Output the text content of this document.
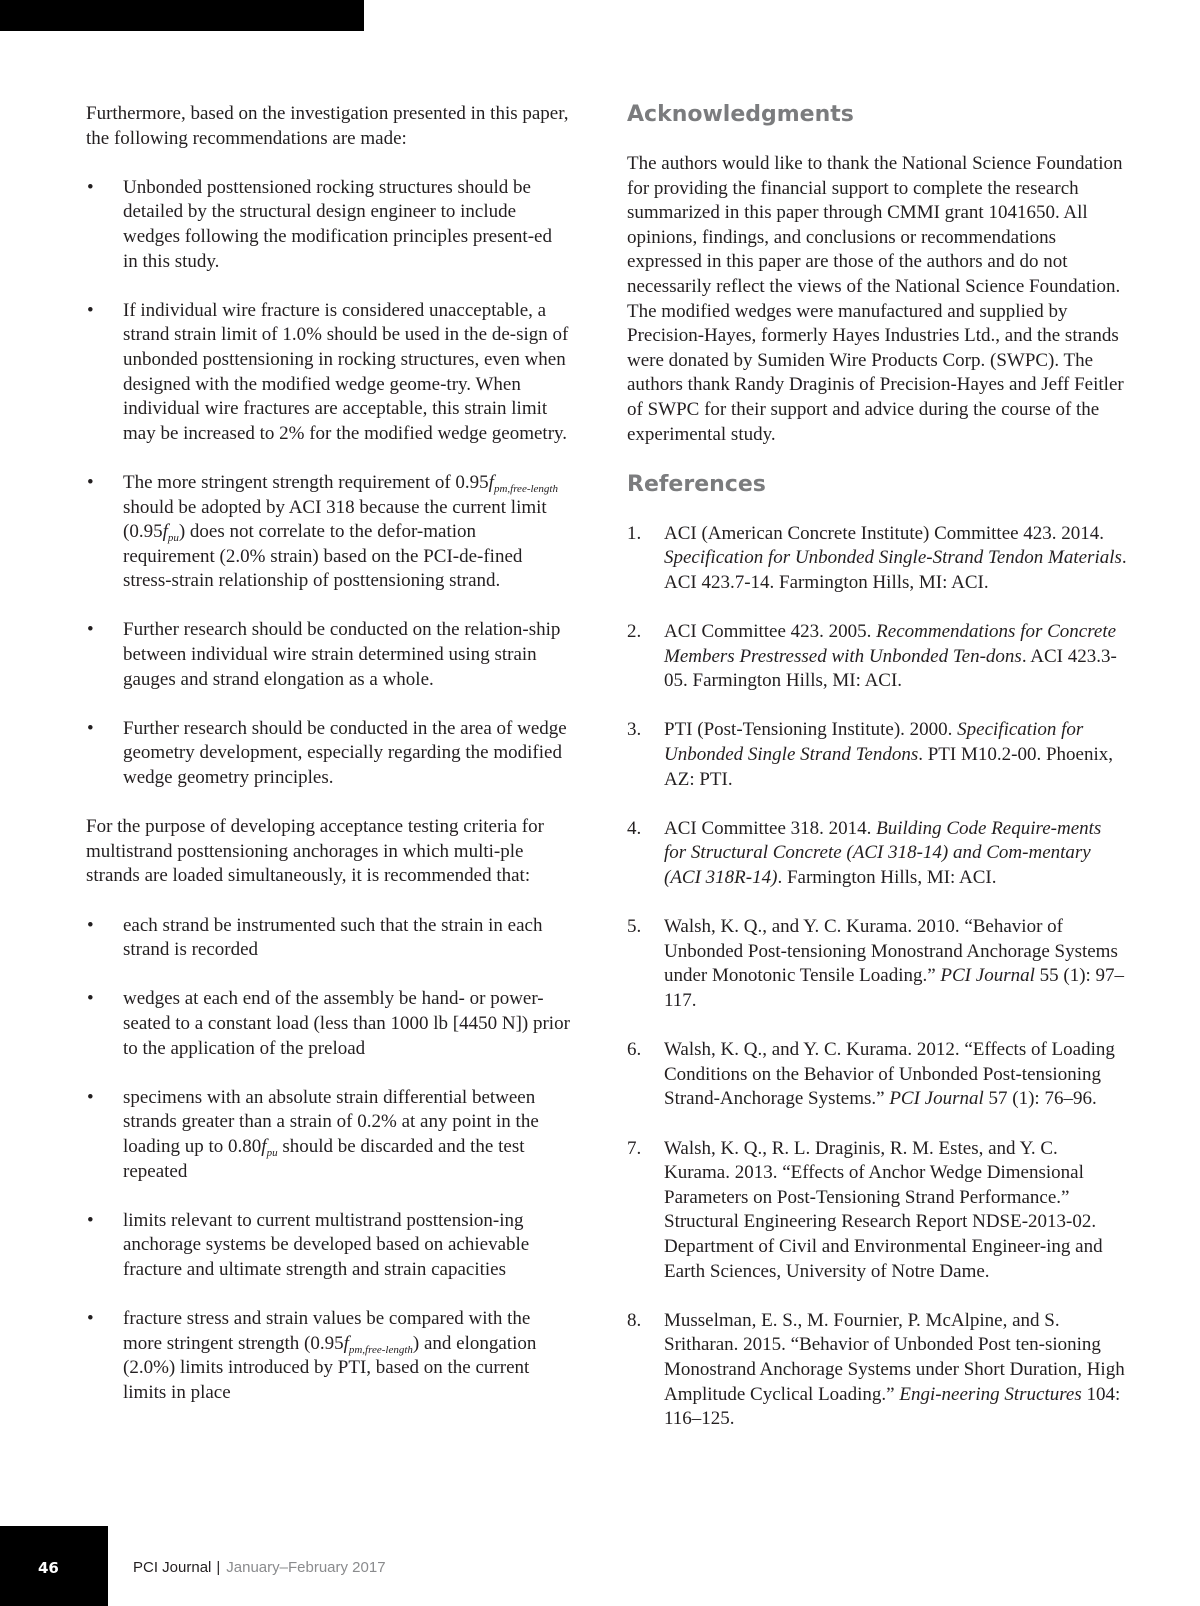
Furthermore, based on the investigation presented in this paper, the following recommendations are made:

• Unbonded posttensioned rocking structures should be detailed by the structural design engineer to include wedges following the modification principles present-ed in this study.
• If individual wire fracture is considered unacceptable, a strand strain limit of 1.0% should be used in the de-sign of unbonded posttensioning in rocking structures, even when designed with the modified wedge geome-try. When individual wire fractures are acceptable, this strain limit may be increased to 2% for the modified wedge geometry.
• The more stringent strength requirement of $0.95f_{pm,free-length}$ should be adopted by ACI 318 because the current limit $(0.95f_{pu})$ does not correlate to the defor-mation requirement (2.0% strain) based on the PCI-de-fined stress-strain relationship of posttensioning strand.
• Further research should be conducted on the relation-ship between individual wire strain determined using strain gauges and strand elongation as a whole.
• Further research should be conducted in the area of wedge geometry development, especially regarding the modified wedge geometry principles.

For the purpose of developing acceptance testing criteria for multistrand posttensioning anchorages in which multi-ple strands are loaded simultaneously, it is recommended that:

• each strand be instrumented such that the strain in each strand is recorded
• wedges at each end of the assembly be hand- or power-seated to a constant load (less than 1000 lb [4450 N]) prior to the application of the preload
• specimens with an absolute strain differential between strands greater than a strain of 0.2% at any point in the loading up to $0.80f_{pu}$ should be discarded and the test repeated
• limits relevant to current multistrand posttension-ing anchorage systems be developed based on achievable fracture and ultimate strength and strain capacities
• fracture stress and strain values be compared with the more stringent strength $(0.95f_{pm,free-length})$ and elongation (2.0%) limits introduced by PTI, based on the current limits in place
Acknowledgments

The authors would like to thank the National Science Foundation for providing the financial support to complete the research summarized in this paper through CMMI grant 1041650. All opinions, findings, and conclusions or recommendations expressed in this paper are those of the authors and do not necessarily reflect the views of the National Science Foundation. The modified wedges were manufactured and supplied by Precision-Hayes, formerly Hayes Industries Ltd., and the strands were donated by Sumiden Wire Products Corp. (SWPC). The authors thank Randy Draginis of Precision-Hayes and Jeff Feitler of SWPC for their support and advice during the course of the experimental study.

References
1. ACI (American Concrete Institute) Committee 423. 2014. Specification for Unbonded Single-Strand Tendon Materials. ACI 423.7-14. Farmington Hills, MI: ACI.
2. ACI Committee 423. 2005. Recommendations for Concrete Members Prestressed with Unbonded Ten-dons. ACI 423.3-05. Farmington Hills, MI: ACI.
3. PTI (Post-Tensioning Institute). 2000. Specification for Unbonded Single Strand Tendons. PTI M10.2-00. Phoenix, AZ: PTI.
4. ACI Committee 318. 2014. Building Code Require-ments for Structural Concrete (ACI 318-14) and Com-mentary (ACI 318R-14). Farmington Hills, MI: ACI.
5. Walsh, K. Q., and Y. C. Kurama. 2010. “Behavior of Unbonded Post-tensioning Monostrand Anchorage Systems under Monotonic Tensile Loading.” PCI Journal 55 (1): 97–117.
6. Walsh, K. Q., and Y. C. Kurama. 2012. “Effects of Loading Conditions on the Behavior of Unbonded Post-tensioning Strand-Anchorage Systems.” PCI Journal 57 (1): 76–96.
7. Walsh, K. Q., R. L. Draginis, R. M. Estes, and Y. C. Kurama. 2013. “Effects of Anchor Wedge Dimensional Parameters on Post-Tensioning Strand Performance.” Structural Engineering Research Report NDSE-2013-02. Department of Civil and Environmental Engineer-ing and Earth Sciences, University of Notre Dame.
8. Musselman, E. S., M. Fournier, P. McAlpine, and S. Sritharan. 2015. “Behavior of Unbonded Post ten-sioning Monostrand Anchorage Systems under Short Duration, High Amplitude Cyclical Loading.” Engi-neering Structures 104: 116–125.
46	PCI Journal | January–February 2017
